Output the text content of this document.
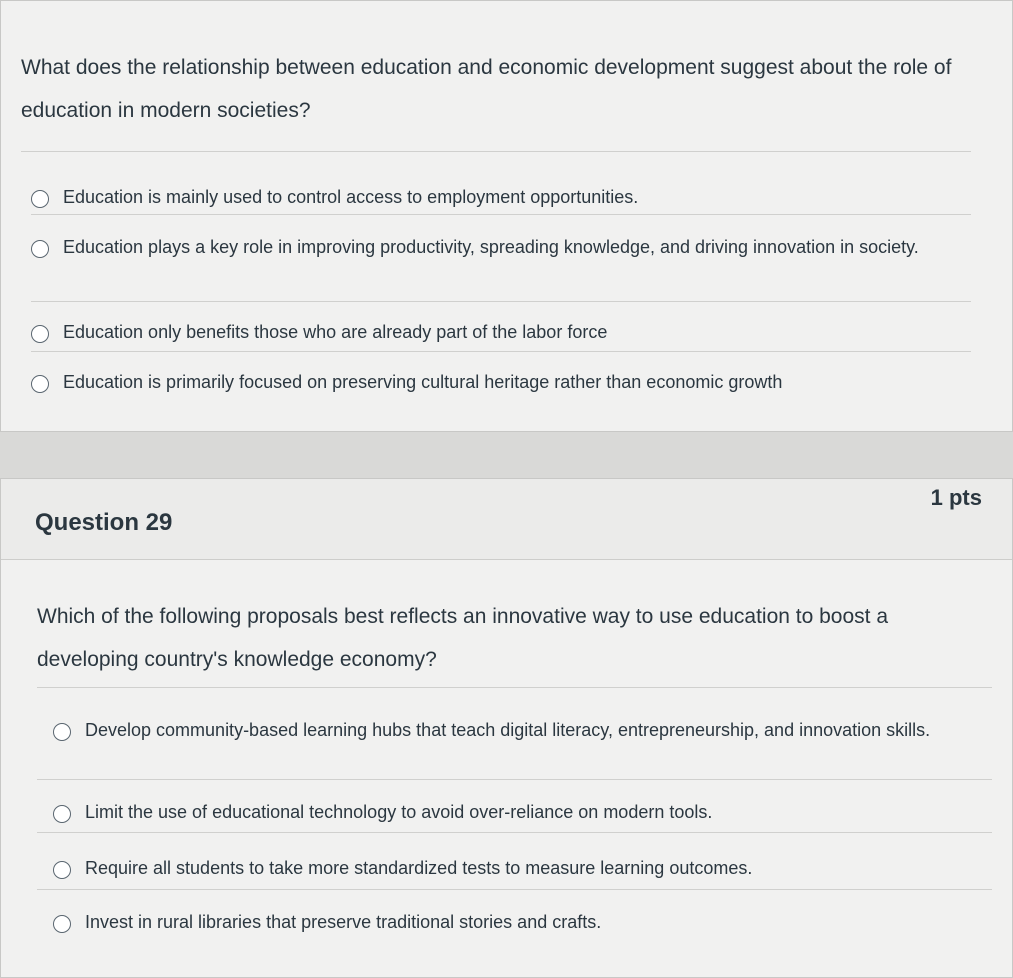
What does the relationship between education and economic development suggest about the role of education in modern societies?

Education is mainly used to control access to employment opportunities.
Education plays a key role in improving productivity, spreading knowledge, and driving innovation in society.
Education only benefits those who are already part of the labor force
Education is primarily focused on preserving cultural heritage rather than economic growth
Question 29
1 pts

Which of the following proposals best reflects an innovative way to use education to boost a developing country's knowledge economy?

Develop community-based learning hubs that teach digital literacy, entrepreneurship, and innovation skills.
Limit the use of educational technology to avoid over-reliance on modern tools.
Require all students to take more standardized tests to measure learning outcomes.
Invest in rural libraries that preserve traditional stories and crafts.
